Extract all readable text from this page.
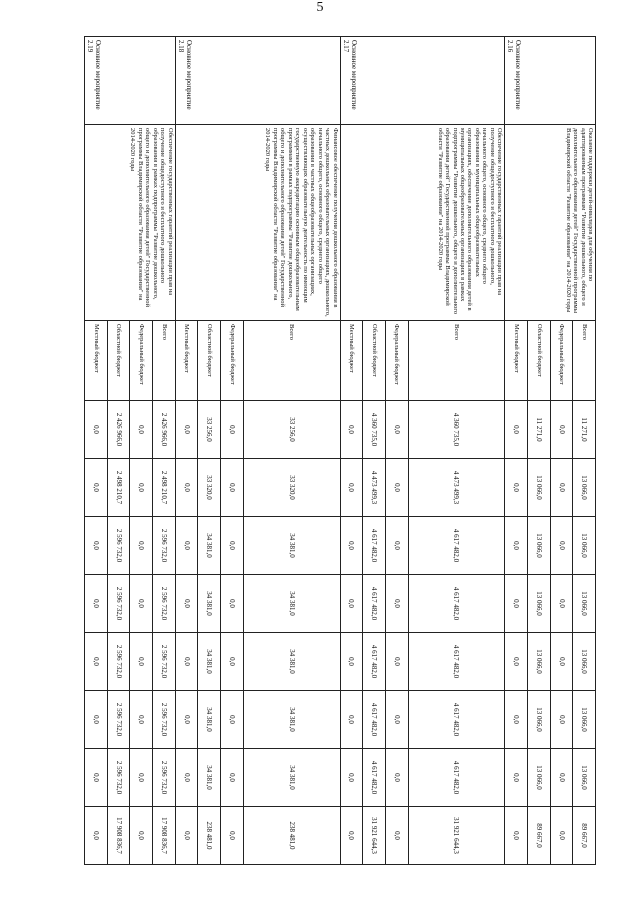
5
Основное мероприятие 2.16	Оказание поддержки детей-инвалидов для обучения по адаптированным программам "Развитие дошкольного, общего и дополнительного образования детей" Государственной программы Владимирской области "Развитие образования" на 2014-2020 годы	Всего	11 271,0	13 066,0	13 066,0	13 066,0	13 066,0	13 066,0	13 066,0	89 667,0
		Федеральный бюджет	0,0	0,0	0,0	0,0	0,0	0,0	0,0	0,0
		Областной бюджет	11 271,0	13 066,0	13 066,0	13 066,0	13 066,0	13 066,0	13 066,0	89 667,0
		Местный бюджет	0,0	0,0	0,0	0,0	0,0	0,0	0,0	0,0
Основное мероприятие 2.17	Обеспечение государственных гарантий реализации прав на получение общедоступного и бесплатного дошкольного, начального общего, основного общего, среднего общего образования в муниципальных общеобразовательных организациях, обеспечение дополнительного образования детей в муниципальных общеобразовательных организациях в рамках подпрограммы "Развитие дошкольного, общего и дополнительного образования детей" Государственной программы Владимирской области "Развитие образования" на 2014-2020 годы	Всего	4 360 735,0	4 473 499,3	4 617 482,0	4 617 482,0	4 617 482,0	4 617 482,0	4 617 482,0	31 921 644,3
		Федеральный бюджет	0,0	0,0	0,0	0,0	0,0	0,0	0,0	0,0
		Областной бюджет	4 360 735,0	4 473 499,3	4 617 482,0	4 617 482,0	4 617 482,0	4 617 482,0	4 617 482,0	31 921 644,3
		Местный бюджет	0,0	0,0	0,0	0,0	0,0	0,0	0,0	0,0
Основное мероприятие 2.18	Финансовое обеспечение получения дошкольного образования в частных дошкольных образовательных организациях, дошкольного, начального общего, основного общего, среднего общего образования в частных общеобразовательных организациях, осуществляющих образовательную деятельность по имеющим государственную аккредитацию основным общеобразовательным программам в рамках подпрограммы "Развитие дошкольного, общего и дополнительного образования детей" Государственной программы Владимирской области "Развитие образования" на 2014-2020 годы	Всего	33 256,0	33 320,0	34 381,0	34 381,0	34 381,0	34 381,0	34 381,0	238 481,0
		Федеральный бюджет	0,0	0,0	0,0	0,0	0,0	0,0	0,0	0,0
		Областной бюджет	33 256,0	33 320,0	34 381,0	34 381,0	34 381,0	34 381,0	34 381,0	238 481,0
		Местный бюджет	0,0	0,0	0,0	0,0	0,0	0,0	0,0	0,0
Основное мероприятие 2.19	Обеспечение государственных гарантий реализации прав на получение общедоступного и бесплатного дошкольного образования в рамках подпрограммы "Развитие дошкольного, общего и дополнительного образования детей" Государственной программы Владимирской области "Развитие образования" на 2014-2020 годы	Всего	2 426 966,0	2 498 210,7	2 596 732,0	2 596 732,0	2 596 732,0	2 596 732,0	2 596 732,0	17 908 836,7
		Федеральный бюджет	0,0	0,0	0,0	0,0	0,0	0,0	0,0	0,0
		Областной бюджет	2 426 966,0	2 498 210,7	2 596 732,0	2 596 732,0	2 596 732,0	2 596 732,0	2 596 732,0	17 908 836,7
		Местный бюджет	0,0	0,0	0,0	0,0	0,0	0,0	0,0	0,0
